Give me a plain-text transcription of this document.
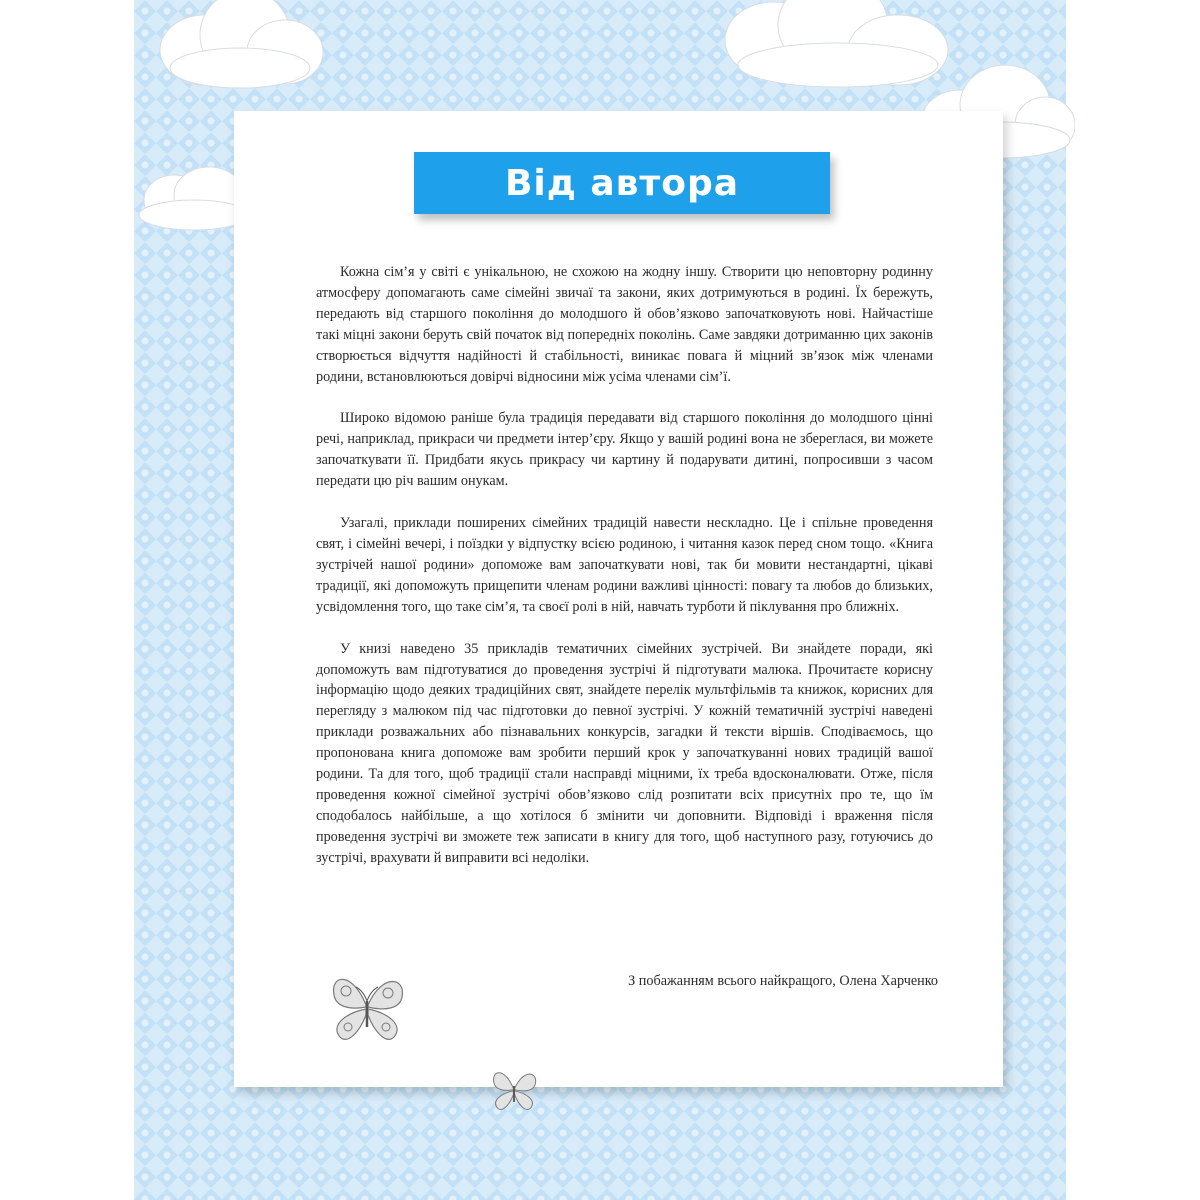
Від автора

Кожна сім’я у світі є унікальною, не схожою на жодну іншу. Створити цю неповторну родинну атмосферу допомагають саме сімейні звичаї та закони, яких дотримуються в родині. Їх бережуть, передають від старшого покоління до молодшого й обов’язково започатковують нові. Найчастіше такі міцні закони беруть свій початок від попередніх поколінь. Саме завдяки дотриманню цих законів створюється відчуття надійності й стабільності, виникає повага й міцний зв’язок між членами родини, встановлюються довірчі відносини між усіма членами сім’ї.

Широко відомою раніше була традиція передавати від старшого покоління до молодшого цінні речі, наприклад, прикраси чи предмети інтер’єру. Якщо у вашій родині вона не збереглася, ви можете започаткувати її. Придбати якусь прикрасу чи картину й подарувати дитині, попросивши з часом передати цю річ вашим онукам.

Узагалі, приклади поширених сімейних традицій навести нескладно. Це і спільне проведення свят, і сімейні вечері, і поїздки у відпустку всією родиною, і читання казок перед сном тощо. «Книга зустрічей нашої родини» допоможе вам започаткувати нові, так би мовити нестандартні, цікаві традиції, які допоможуть прищепити членам родини важливі цінності: повагу та любов до близьких, усвідомлення того, що таке сім’я, та своєї ролі в ній, навчать турботи й піклування про ближніх.

У книзі наведено 35 прикладів тематичних сімейних зустрічей. Ви знайдете поради, які допоможуть вам підготуватися до проведення зустрічі й підготувати малюка. Прочитаєте корисну інформацію щодо деяких традиційних свят, знайдете перелік мультфільмів та книжок, корисних для перегляду з малюком під час підготовки до певної зустрічі. У кожній тематичній зустрічі наведені приклади розважальних або пізнавальних конкурсів, загадки й тексти віршів. Сподіваємось, що пропонована книга допоможе вам зробити перший крок у започаткуванні нових традицій вашої родини. Та для того, щоб традиції стали насправді міцними, їх треба вдосконалювати. Отже, після проведення кожної сімейної зустрічі обов’язково слід розпитати всіх присутніх про те, що їм сподобалось найбільше, а що хотілося б змінити чи доповнити. Відповіді і враження після проведення зустрічі ви зможете теж записати в книгу для того, щоб наступного разу, готуючись до зустрічі, врахувати й виправити всі недоліки.

З побажанням всього найкращого, Олена Харченко
